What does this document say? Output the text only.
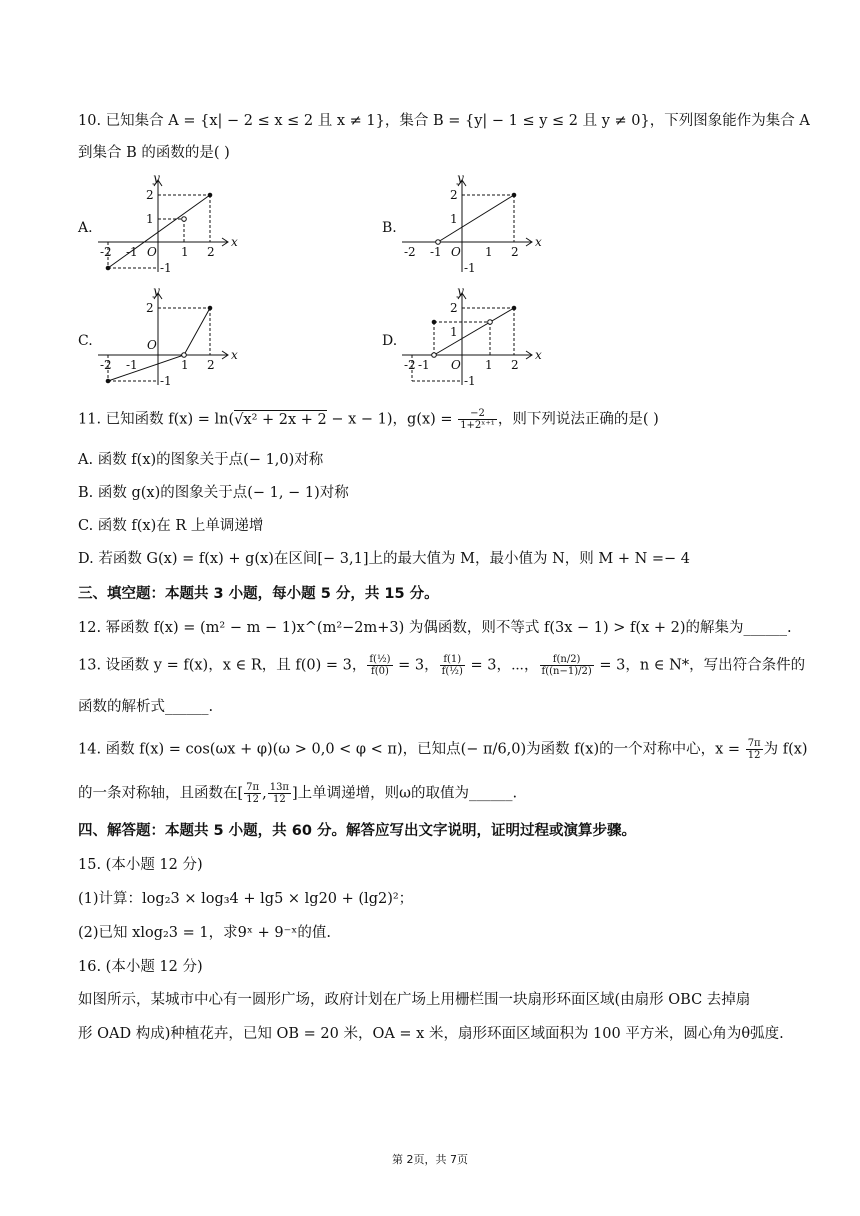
10. 已知集合 A = {x| − 2 ≤ x ≤ 2 且 x ≠ 1}，集合 B = {y| − 1 ≤ y ≤ 2 且 y ≠ 0}，下列图象能作为集合 A
到集合 B 的函数的是( )
A.	B.
C.	D.
y
x
O
2
1
-1
-2 -1	1 2
y
x
O
2
1
-1
-2 -1	1 2
y
x
O
2
-1
-2 -1	1 2
y
x
O
2
1
-1
-2 -1	1 2
11. 已知函数 f(x) = ln(√x² + 2x + 2 − x − 1)，$g(x) = \frac{-2}{\text{1+2ˣ⁺¹}}$ ，则下列说法正确的是( )
A. 函数 f(x)的图象关于点(− 1,0)对称
B. 函数 g(x)的图象关于点(− 1, − 1)对称
C. 函数 f(x)在 R 上单调递增
D. 若函数 G(x) = f(x) + g(x)在区间[− 3,1]上的最大值为 M，最小值为 N，则 M + N =− 4
三、填空题：本题共 3 小题，每小题 5 分，共 15 分。
12. 幂函数 f(x) = (m² − m − 1)x^(m²−2m+3) 为偶函数，则不等式 f(3x − 1) > f(x + 2)的解集为______.
13. 设函数 y = f(x)，x ∈ R，且 f(0) = 3， $\frac{\text{f(½)}}{f(0)} = 3$， $\frac{f(1)}{\text{f(½)}} = 3$，⋯， $\frac{f(n/2)}{f((n-1)/2)} = 3$，n ∈ N*，写出符合条件的
函数的解析式______.
14. 函数 f(x) = cos(ωx + φ)(ω > 0,0 < φ < π)，已知点(− π/6,0)为函数 f(x)的一个对称中心，$x = \frac{7\pi}{12}$ 为 f(x)
的一条对称轴，且函数在[ $\frac{7\pi}{12}$ , $\frac{13\pi}{12}$ ]上单调递增，则ω的取值为______.
四、解答题：本题共 5 小题，共 60 分。解答应写出文字说明，证明过程或演算步骤。
15. (本小题 12 分)
(1)计算：log₂3 × log₃4 + lg5 × lg20 + (lg2)²；
(2)已知 xlog₂3 = 1，求9ˣ + 9⁻ˣ的值.
16. (本小题 12 分)
如图所示，某城市中心有一圆形广场，政府计划在广场上用栅栏围一块扇形环面区域(由扇形 OBC 去掉扇
形 OAD 构成)种植花卉，已知 OB = 20 米，OA = x 米，扇形环面区域面积为 100 平方米，圆心角为θ弧度.
第 2页，共 7页
